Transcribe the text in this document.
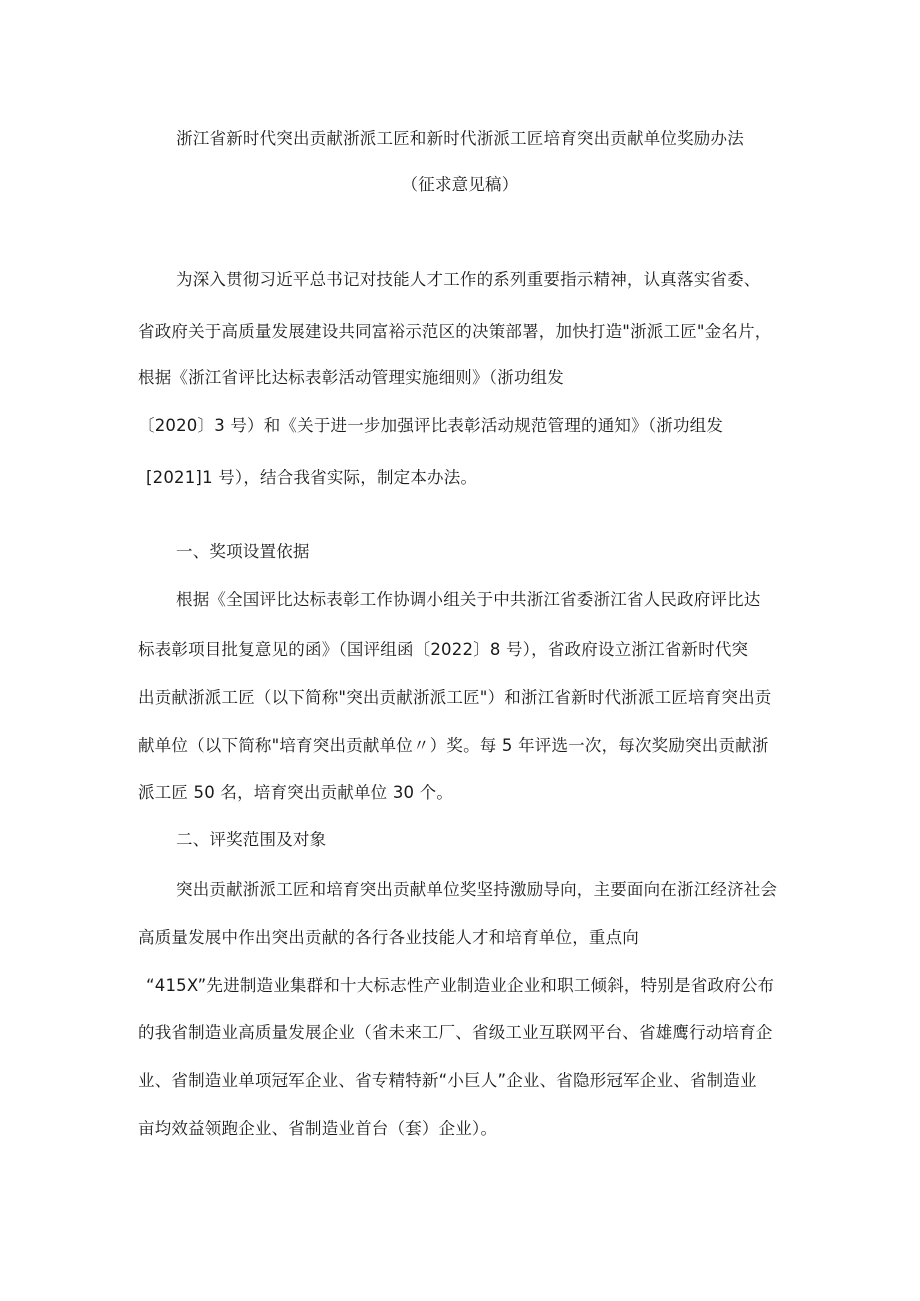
浙江省新时代突出贡献浙派工匠和新时代浙派工匠培育突出贡献单位奖励办法
（征求意见稿）
为深入贯彻习近平总书记对技能人才工作的系列重要指示精神，认真落实省委、
省政府关于高质量发展建设共同富裕示范区的决策部署，加快打造"浙派工匠"金名片，
根据《浙江省评比达标表彰活动管理实施细则》（浙功组发
〔2020〕3 号）和《关于进一步加强评比表彰活动规范管理的通知》（浙功组发
[2021]1 号），结合我省实际，制定本办法。
一、奖项设置依据
根据《全国评比达标表彰工作协调小组关于中共浙江省委浙江省人民政府评比达
标表彰项目批复意见的函》（国评组函〔2022〕8 号），省政府设立浙江省新时代突
出贡献浙派工匠（以下简称"突出贡献浙派工匠"）和浙江省新时代浙派工匠培育突出贡
献单位（以下简称"培育突出贡献单位〃）奖。每 5 年评选一次，每次奖励突出贡献浙
派工匠 50 名，培育突出贡献单位 30 个。
二、评奖范围及对象
突出贡献浙派工匠和培育突出贡献单位奖坚持激励导向，主要面向在浙江经济社会
高质量发展中作出突出贡献的各行各业技能人才和培育单位，重点向
“415X”先进制造业集群和十大标志性产业制造业企业和职工倾斜，特别是省政府公布
的我省制造业高质量发展企业（省未来工厂、省级工业互联网平台、省雄鹰行动培育企
业、省制造业单项冠军企业、省专精特新“小巨人”企业、省隐形冠军企业、省制造业
亩均效益领跑企业、省制造业首台（套）企业）。
